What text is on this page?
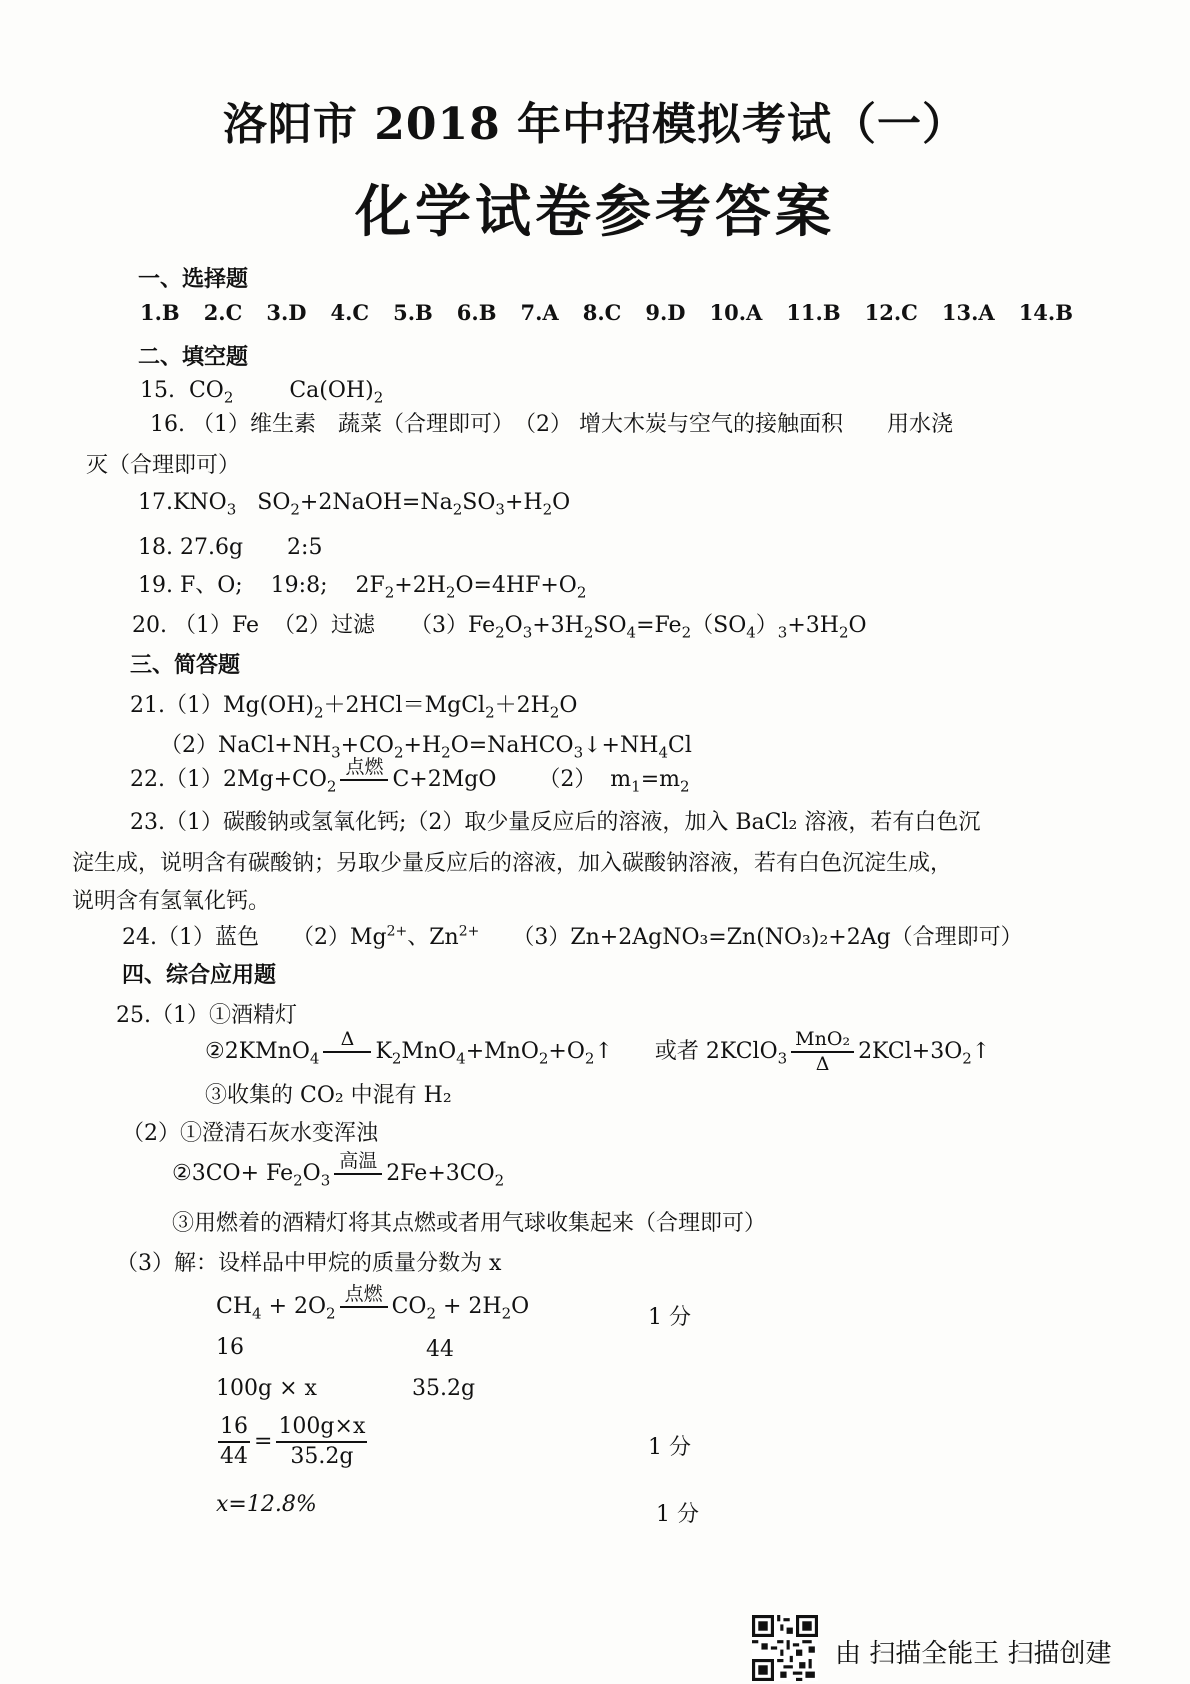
洛阳市 2018 年中招模拟考试（一）
化学试卷参考答案
一、选择题
1.B 2.C 3.D 4.C 5.B 6.B 7.A 8.C 9.D 10.A 11.B 12.C 13.A 14.B
二、填空题
15.  $CO_2$        $Ca(OH)_2$
16. （1）维生素　蔬菜（合理即可）　（2） 增大木炭与空气的接触面积　　用水浇
灭（合理即可）
$17.KNO_3$   $SO_2+2NaOH=Na_2SO_3+H_2O$
18. 27.6g　　2:5
19. F、O;    19:8;    $2F_2+2H_2O=4HF+O_2$
20. （1）Fe  （2）过滤     $(3)Fe_2O_3+3H_2SO_4=Fe_2(SO_4)_3+3H_2O$
三、简答题
$21.(1)Mg(OH)_2+2HCl=MgCl_2+2H_2O$
$(2)NaCl+NH_3+CO_2+H_2O=NaHCO_3↓+NH_4Cl$
$22.(1)2Mg+CO_2$
点燃
C+2MgO      （2）  $m_1=m_2$
23.（1）碳酸钠或氢氧化钙;（2）取少量反应后的溶液，加入 BaCl₂ 溶液，若有白色沉
淀生成，说明含有碳酸钠；另取少量反应后的溶液，加入碳酸钠溶液，若有白色沉淀生成，
说明含有氢氧化钙。
24.（1）蓝色　　$(2)Mg^{2+}$、$Zn^{2+}$　　（3）Zn+2AgNO₃=Zn(NO₃)₂+2Ag（合理即可）
四、综合应用题
25.（1）①酒精灯
②2KMnO$_4$
Δ
$K_2MnO_4+MnO_2+O_2↑$      或者 2KClO$_3$
MnO₂
Δ $2KCl+3O_2↑$
③收集的 CO₂ 中混有 H₂
（2）①澄清石灰水变浑浊
②3CO+ $Fe_2O_3$
高温
$2Fe+3CO_2$
③用燃着的酒精灯将其点燃或者用气球收集起来（合理即可）
（3）解：设样品中甲烷的质量分数为 x
$CH_4 + 2O_2$
点燃
$CO_2 + 2H_2O$	1 分
16	44
100g × x	35.2g
$\frac{16}{44} = \frac{100g\times x}{35.2g}$	1 分
x=12.8%	1 分
由 扫描全能王 扫描创建
